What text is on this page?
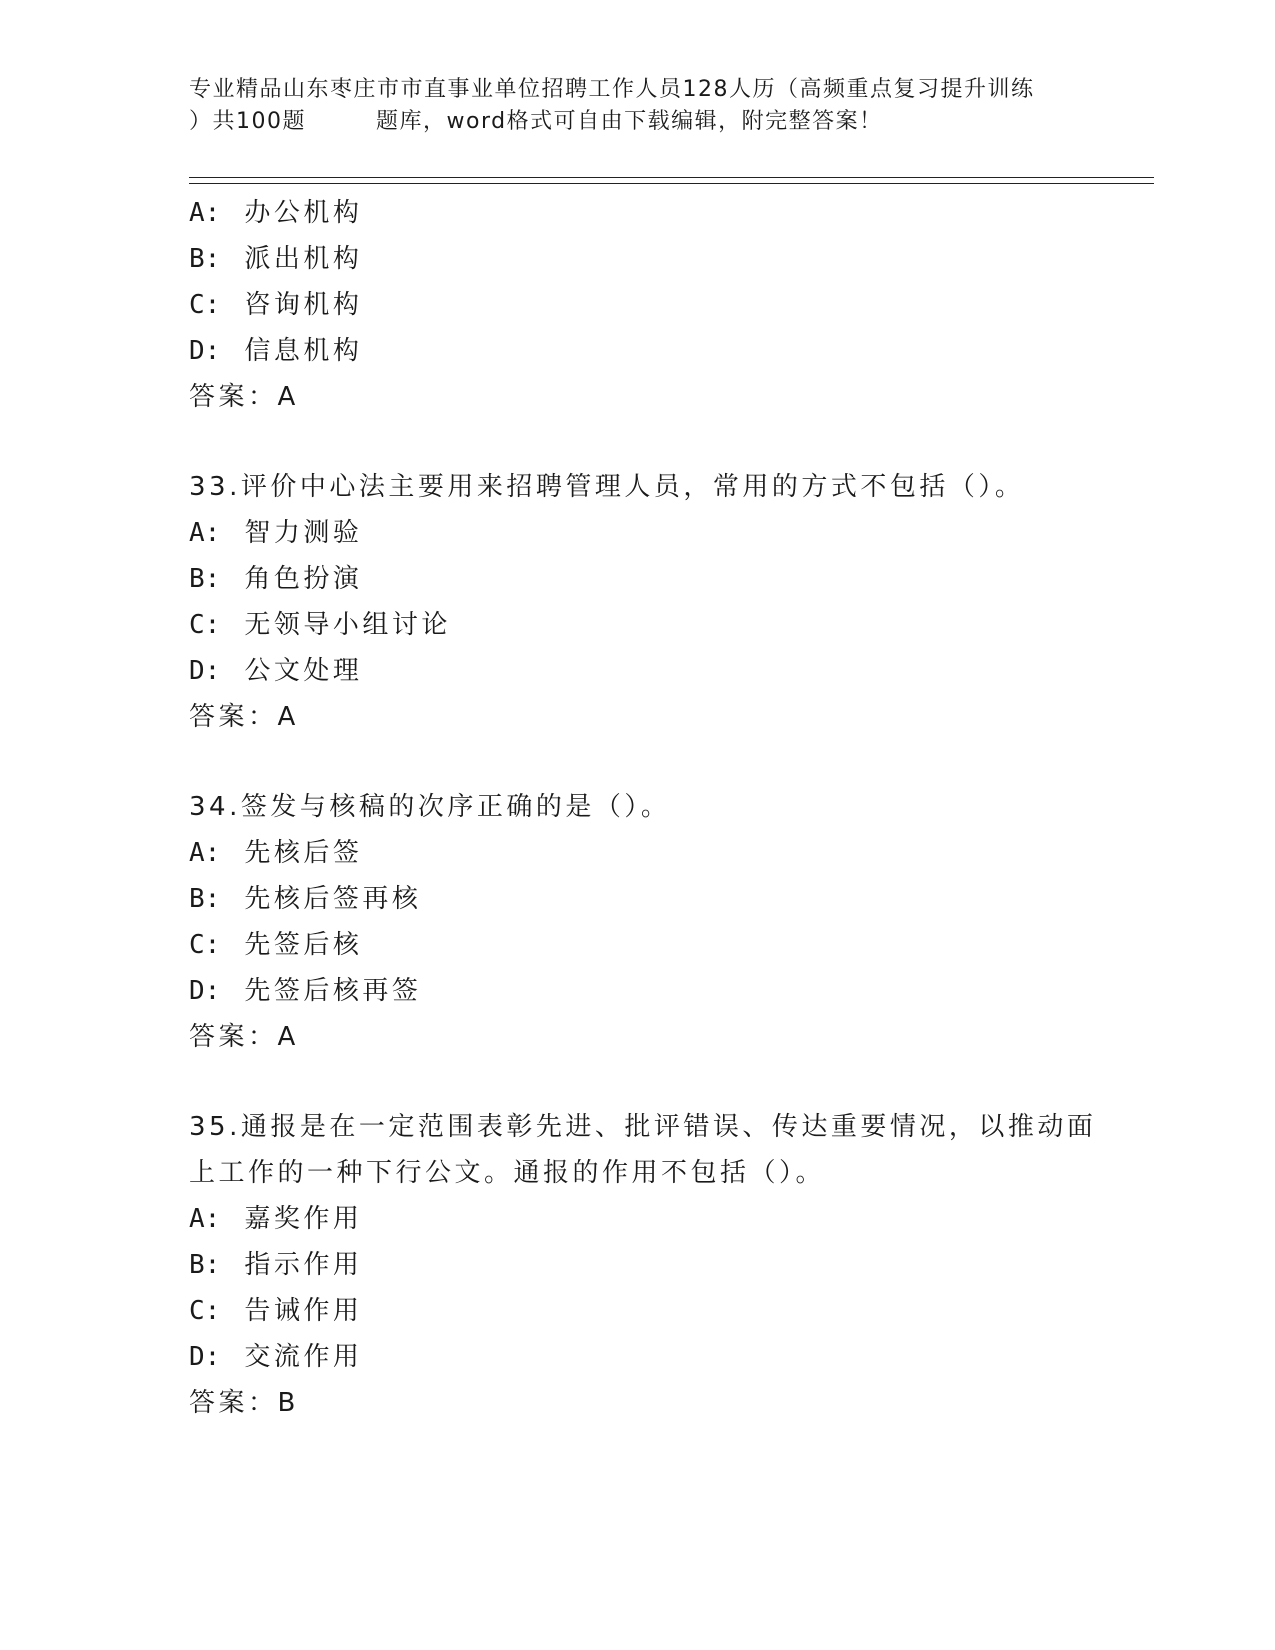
专业精品山东枣庄市市直事业单位招聘工作人员128人历（高频重点复习提升训练
）共100题	题库，word格式可自由下载编辑，附完整答案！
A: 办公机构
B: 派出机构
C: 咨询机构
D: 信息机构
答案：A
33.评价中心法主要用来招聘管理人员，常用的方式不包括（）。
A: 智力测验
B: 角色扮演
C: 无领导小组讨论
D: 公文处理
答案：A
34.签发与核稿的次序正确的是（）。
A: 先核后签
B: 先核后签再核
C: 先签后核
D: 先签后核再签
答案：A
35.通报是在一定范围表彰先进、批评错误、传达重要情况，以推动面
上工作的一种下行公文。通报的作用不包括（）。
A: 嘉奖作用
B: 指示作用
C: 告诫作用
D: 交流作用
答案：B
